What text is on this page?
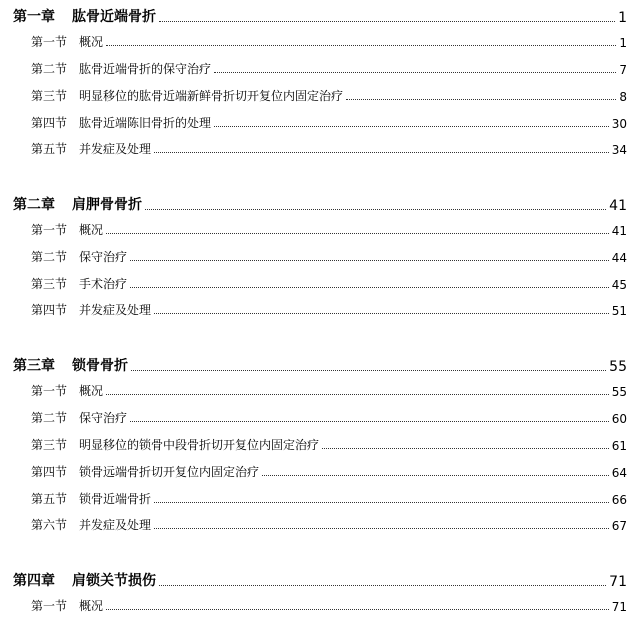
第一章	肱骨近端骨折	1
第一节 概况	1
第二节 肱骨近端骨折的保守治疗	7
第三节 明显移位的肱骨近端新鲜骨折切开复位内固定治疗	8
第四节 肱骨近端陈旧骨折的处理	30
第五节 并发症及处理	34
第二章	肩胛骨骨折	41
第一节 概况	41
第二节 保守治疗	44
第三节 手术治疗	45
第四节 并发症及处理	51
第三章	锁骨骨折	55
第一节 概况	55
第二节 保守治疗	60
第三节 明显移位的锁骨中段骨折切开复位内固定治疗	61
第四节 锁骨远端骨折切开复位内固定治疗	64
第五节 锁骨近端骨折	66
第六节 并发症及处理	67
第四章	肩锁关节损伤	71
第一节 概况	71
